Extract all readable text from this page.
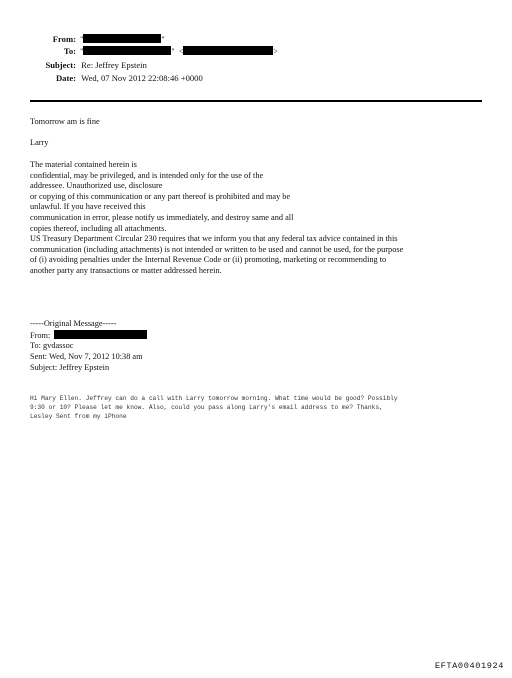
From: "	"
To: "	" <	>
Subject: Re: Jeffrey Epstein
Date: Wed, 07 Nov 2012 22:08:46 +0000
Tomorrow am is fine
Larry
The material contained herein is
confidential, may be privileged, and is intended only for the use of the
addressee. Unauthorized use, disclosure
or copying of this communication or any part thereof is prohibited and may be
unlawful. If you have received this
communication in error, please notify us immediately, and destroy same and all
copies thereof, including all attachments.
US Treasury Department Circular 230 requires that we inform you that any federal tax advice contained in this
communication (including attachments) is not intended or written to be used and cannot be used, for the purpose
of (i) avoiding penalties under the Internal Revenue Code or (ii) promoting, marketing or recommending to
another party any transactions or matter addressed herein.
-----Original Message-----
From:
To: gvdassoc
Sent: Wed, Nov 7, 2012 10:38 am
Subject: Jeffrey Epstein
Hi Mary Ellen. Jeffrey can do a call with Larry tomorrow morning. What time would be good? Possibly
9:30 or 10? Please let me know. Also, could you pass along Larry's email address to me? Thanks,
Lesley Sent from my iPhone
EFTA00401924
